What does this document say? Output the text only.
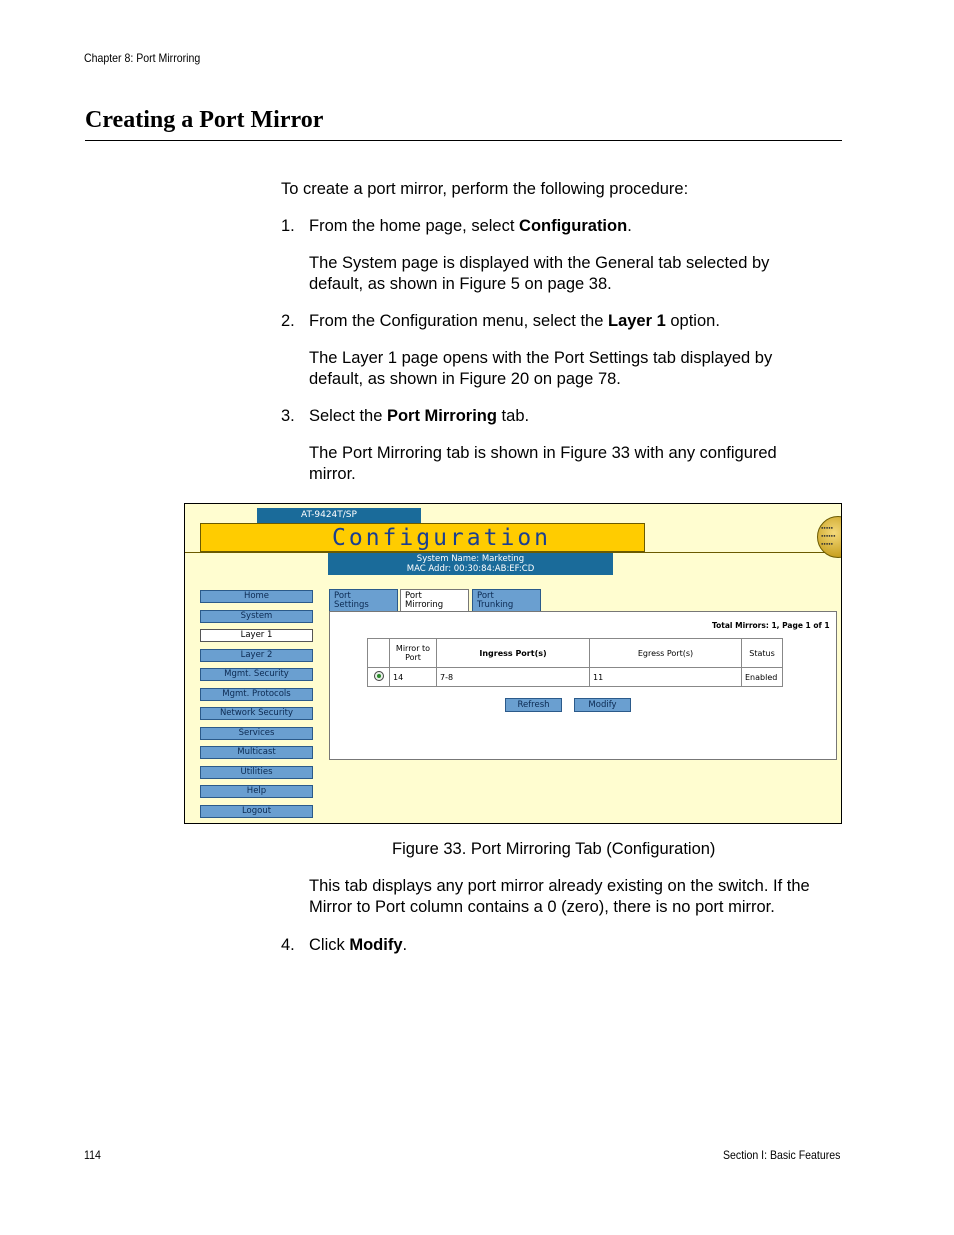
Chapter 8: Port Mirroring
Creating a Port Mirror
To create a port mirror, perform the following procedure:
1. From the home page, select Configuration.
The System page is displayed with the General tab selected by
default, as shown in Figure 5 on page 38.
2. From the Configuration menu, select the Layer 1 option.
The Layer 1 page opens with the Port Settings tab displayed by
default, as shown in Figure 20 on page 78.
3. Select the Port Mirroring tab.
The Port Mirroring tab is shown in Figure 33 with any configured
mirror.
AT-9424T/SP
Configuration	●●●●●
●●●●●●
●●●●●
System Name: Marketing
MAC Addr: 00:30:84:AB:EF:CD
Home
System
Layer 1
Layer 2
Mgmt. Security
Mgmt. Protocols
Network Security
Services
Multicast
Utilities
Help
Logout
Port
Settings
Port
Mirroring
Port
Trunking
Total Mirrors: 1, Page 1 of 1

	Mirror to
Port	Ingress Port(s)	Egress Port(s)	Status
	14	7-8	11	Enabled
Refresh	Modify
Figure 33. Port Mirroring Tab (Configuration)
This tab displays any port mirror already existing on the switch. If the
Mirror to Port column contains a 0 (zero), there is no port mirror.
4. Click Modify.
114	Section I: Basic Features
